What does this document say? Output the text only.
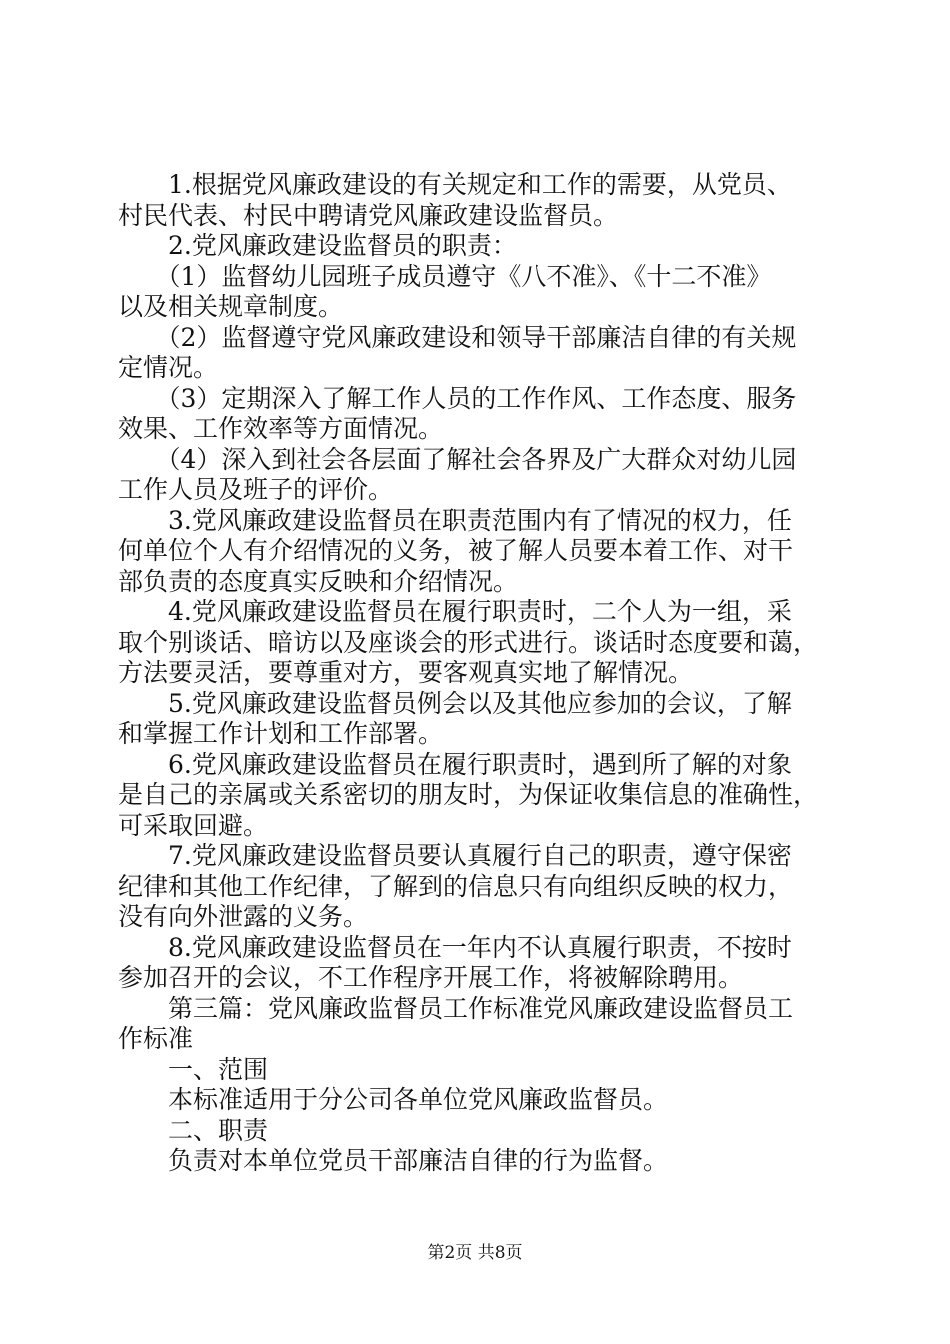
　　1.根据党风廉政建设的有关规定和工作的需要，从党员、
村民代表、村民中聘请党风廉政建设监督员。
　　2.党风廉政建设监督员的职责：
　　（1）监督幼儿园班子成员遵守《八不准》、《十二不准》
以及相关规章制度。
　　（2）监督遵守党风廉政建设和领导干部廉洁自律的有关规
定情况。
　　（3）定期深入了解工作人员的工作作风、工作态度、服务
效果、工作效率等方面情况。
　　（4）深入到社会各层面了解社会各界及广大群众对幼儿园
工作人员及班子的评价。
　　3.党风廉政建设监督员在职责范围内有了情况的权力，任
何单位个人有介绍情况的义务，被了解人员要本着工作、对干
部负责的态度真实反映和介绍情况。
　　4.党风廉政建设监督员在履行职责时，二个人为一组，采
取个别谈话、暗访以及座谈会的形式进行。谈话时态度要和蔼，
方法要灵活，要尊重对方，要客观真实地了解情况。
　　5.党风廉政建设监督员例会以及其他应参加的会议，了解
和掌握工作计划和工作部署。
　　6.党风廉政建设监督员在履行职责时，遇到所了解的对象
是自己的亲属或关系密切的朋友时，为保证收集信息的准确性，
可采取回避。
　　7.党风廉政建设监督员要认真履行自己的职责，遵守保密
纪律和其他工作纪律，了解到的信息只有向组织反映的权力，
没有向外泄露的义务。
　　8.党风廉政建设监督员在一年内不认真履行职责，不按时
参加召开的会议，不工作程序开展工作，将被解除聘用。
　　第三篇：党风廉政监督员工作标准党风廉政建设监督员工
作标准
　　一、范围
　　本标准适用于分公司各单位党风廉政监督员。
　　二、职责
　　负责对本单位党员干部廉洁自律的行为监督。
第2页 共8页
